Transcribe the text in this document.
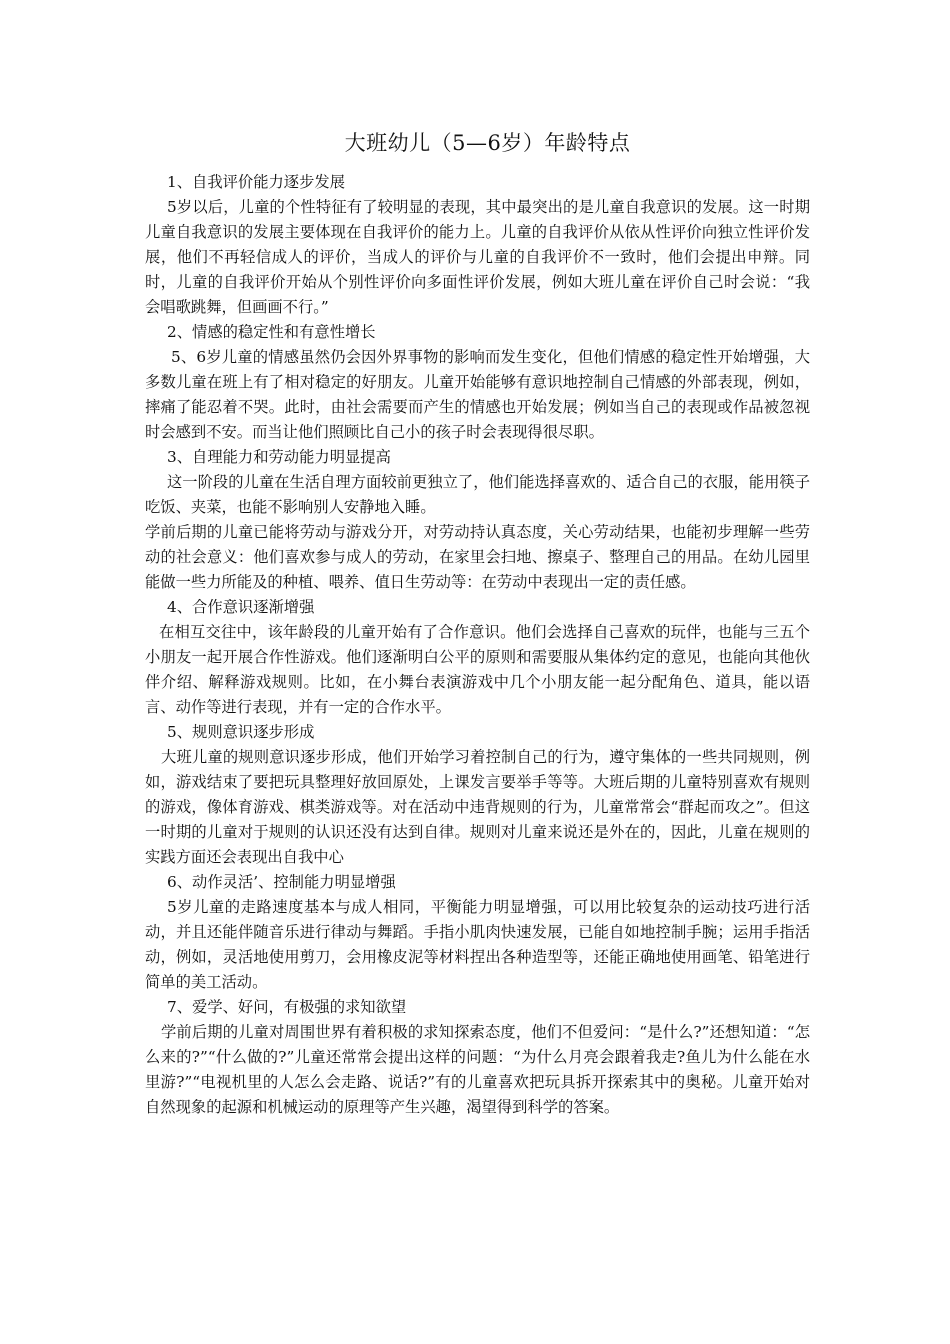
大班幼儿（5—6岁）年龄特点

1、自我评价能力逐步发展

5岁以后，儿童的个性特征有了较明显的表现，其中最突出的是儿童自我意识的发展。这一时期儿童自我意识的发展主要体现在自我评价的能力上。儿童的自我评价从依从性评价向独立性评价发展，他们不再轻信成人的评价，当成人的评价与儿童的自我评价不一致时，他们会提出申辩。同时，儿童的自我评价开始从个别性评价向多面性评价发展，例如大班儿童在评价自己时会说：“我会唱歌跳舞，但画画不行。”

2、情感的稳定性和有意性增长

5、6岁儿童的情感虽然仍会因外界事物的影响而发生变化，但他们情感的稳定性开始增强，大多数儿童在班上有了相对稳定的好朋友。儿童开始能够有意识地控制自己情感的外部表现，例如，摔痛了能忍着不哭。此时，由社会需要而产生的情感也开始发展；例如当自己的表现或作品被忽视时会感到不安。而当让他们照顾比自己小的孩子时会表现得很尽职。

3、自理能力和劳动能力明显提高

这一阶段的儿童在生活自理方面较前更独立了，他们能选择喜欢的、适合自己的衣服，能用筷子吃饭、夹菜，也能不影响别人安静地入睡。

学前后期的儿童已能将劳动与游戏分开，对劳动持认真态度，关心劳动结果，也能初步理解一些劳动的社会意义：他们喜欢参与成人的劳动，在家里会扫地、擦桌子、整理自己的用品。在幼儿园里能做一些力所能及的种植、喂养、值日生劳动等：在劳动中表现出一定的责任感。

4、合作意识逐渐增强

在相互交往中，该年龄段的儿童开始有了合作意识。他们会选择自己喜欢的玩伴，也能与三五个小朋友一起开展合作性游戏。他们逐渐明白公平的原则和需要服从集体约定的意见，也能向其他伙伴介绍、解释游戏规则。比如，在小舞台表演游戏中几个小朋友能一起分配角色、道具，能以语言、动作等进行表现，并有一定的合作水平。

5、规则意识逐步形成

大班儿童的规则意识逐步形成，他们开始学习着控制自己的行为，遵守集体的一些共同规则，例如，游戏结束了要把玩具整理好放回原处，上课发言要举手等等。大班后期的儿童特别喜欢有规则的游戏，像体育游戏、棋类游戏等。对在活动中违背规则的行为，儿童常常会“群起而攻之”。但这一时期的儿童对于规则的认识还没有达到自律。规则对儿童来说还是外在的，因此，儿童在规则的实践方面还会表现出自我中心

6、动作灵活’、控制能力明显增强

5岁儿童的走路速度基本与成人相同，平衡能力明显增强，可以用比较复杂的运动技巧进行活动，并且还能伴随音乐进行律动与舞蹈。手指小肌肉快速发展，已能自如地控制手腕；运用手指活动，例如，灵活地使用剪刀，会用橡皮泥等材料捏出各种造型等，还能正确地使用画笔、铅笔进行简单的美工活动。

7、爱学、好问，有极强的求知欲望

学前后期的儿童对周围世界有着积极的求知探索态度，他们不但爱问：“是什么?”还想知道：“怎么来的?”“什么做的?”儿童还常常会提出这样的问题：“为什么月亮会跟着我走?鱼儿为什么能在水里游?”“电视机里的人怎么会走路、说话?”有的儿童喜欢把玩具拆开探索其中的奥秘。儿童开始对自然现象的起源和机械运动的原理等产生兴趣，渴望得到科学的答案。
